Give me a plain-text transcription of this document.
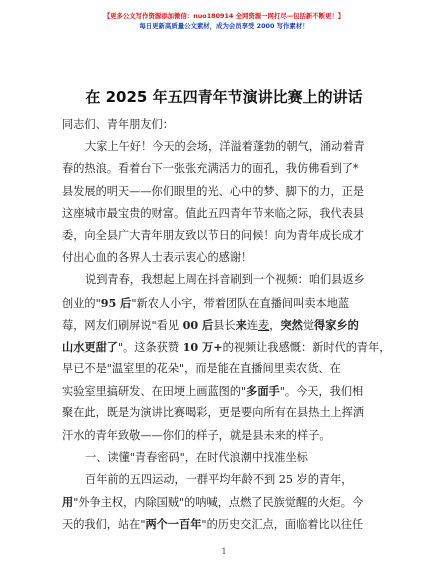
【更多公文写作资源添加微信：nuo180914 全网资源一网打尽—包括新不断更！】
每日更新高质量公文素材，成为会员享受 2000 写作素材！
在 2025 年五四青年节演讲比赛上的讲话
同志们、青年朋友们：
大家上午好！今天的会场，洋溢着蓬勃的朝气，涌动着青
春的热浪。看着台下一张张充满活力的面孔，我仿佛看到了*
县发展的明天——你们眼里的光、心中的梦、脚下的力，正是
这座城市最宝贵的财富。值此五四青年节来临之际，我代表县
委，向全县广大青年朋友致以节日的问候！向为青年成长成才
付出心血的各界人士表示衷心的感谢！
说到青春，我想起上周在抖音刷到一个视频：咱们县返乡
创业的"95 后"新农人小宇，带着团队在直播间叫卖本地蓝
莓，网友们刷屏说"看见 00 后县长来连麦，突然觉得家乡的
山水更甜了"。这条获赞 10 万+的视频让我感慨：新时代的青年，
早已不是"温室里的花朵"，而是能在直播间里卖农货、在
实验室里搞研发、在田埂上画蓝图的"多面手"。今天，我们相
聚在此，既是为演讲比赛喝彩，更是要向所有在县热土上挥洒
汗水的青年致敬——你们的样子，就是县未来的样子。
一、读懂"青春密码"，在时代浪潮中找准坐标
百年前的五四运动，一群平均年龄不到 25 岁的青年，
用"外争主权，内除国贼"的呐喊，点燃了民族觉醒的火炬。今
天的我们，站在"两个一百年"的历史交汇点，面临着比以往任
1
